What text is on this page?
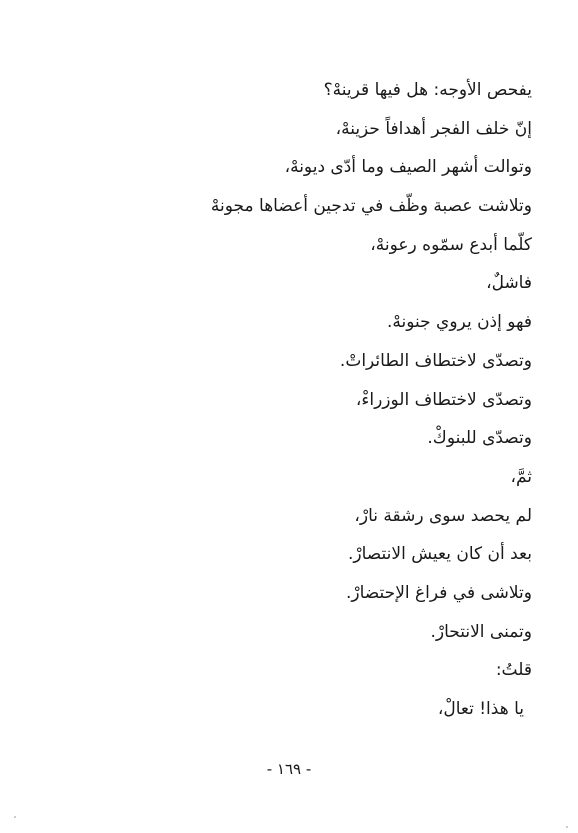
يفحص الأوجه: هل فيها قرينهْ؟
إنّ خلف الفجر أهدافاً حزينهْ،
وتوالت أشهر الصيف وما أدّى ديونهْ،
وتلاشت عصبة وظّف في تدجين أعضاها مجونهْ
كلّما أبدع سمّوه رعونهْ،
فاشلٌ،
فهو إذن يروي جنونهْ.
وتصدّى لاختطاف الطائراتْ.
وتصدّى لاختطاف الوزراءْ،
وتصدّى للبنوكْ.
ثمَّ،
لم يحصد سوى رشقة نارْ،
بعد أن كان يعيش الانتصارْ.
وتلاشى في فراغ الإحتضارْ.
وتمنى الانتحارْ.
قلتُ:
يا هذا! تعالْ،
- ١٦٩ -
